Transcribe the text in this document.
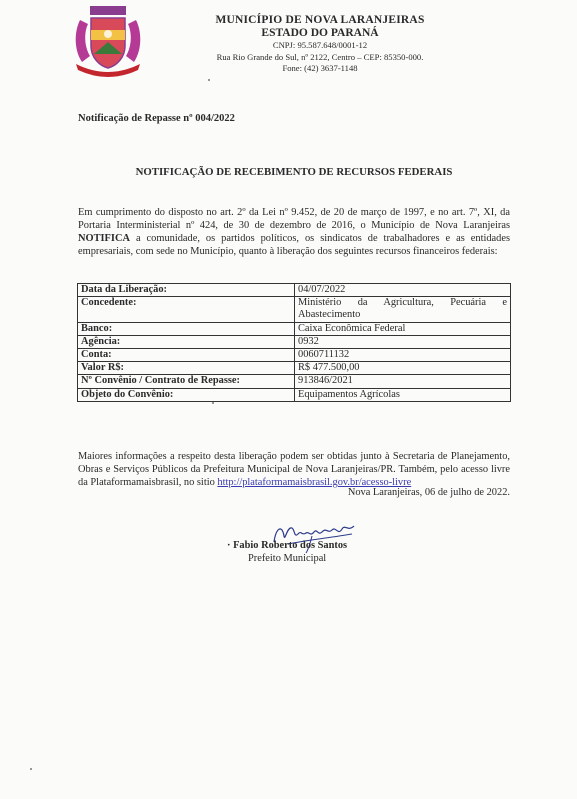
MUNICÍPIO DE NOVA LARANJEIRAS
ESTADO DO PARANÁ
CNPJ: 95.587.648/0001-12
Rua Rio Grande do Sul, nº 2122, Centro – CEP: 85350-000.
Fone: (42) 3637-1148
Notificação de Repasse nº 004/2022
NOTIFICAÇÃO DE RECEBIMENTO DE RECURSOS FEDERAIS
Em cumprimento do disposto no art. 2º da Lei nº 9.452, de 20 de março de 1997, e no art. 7º, XI, da Portaria Interministerial nº 424, de 30 de dezembro de 2016, o Município de Nova Laranjeiras NOTIFICA a comunidade, os partidos políticos, os sindicatos de trabalhadores e as entidades empresariais, com sede no Município, quanto à liberação dos seguintes recursos financeiros federais:
Data da Liberação:	04/07/2022
Concedente:	Ministério da Agricultura, Pecuária e Abastecimento
Banco:	Caixa Econômica Federal
Agência:	0932
Conta:	0060711132
Valor R$:	R$ 477.500,00
Nº Convênio / Contrato de Repasse:	913846/2021
Objeto do Convênio:	Equipamentos Agrícolas
Maiores informações a respeito desta liberação podem ser obtidas junto à Secretaria de Planejamento, Obras e Serviços Públicos da Prefeitura Municipal de Nova Laranjeiras/PR. Também, pelo acesso livre da Plataformamaisbrasil, no sitio http://plataformamaisbrasil.gov.br/acesso-livre
Nova Laranjeiras, 06 de julho de 2022.
· Fabio Roberto dos Santos
Prefeito Municipal
